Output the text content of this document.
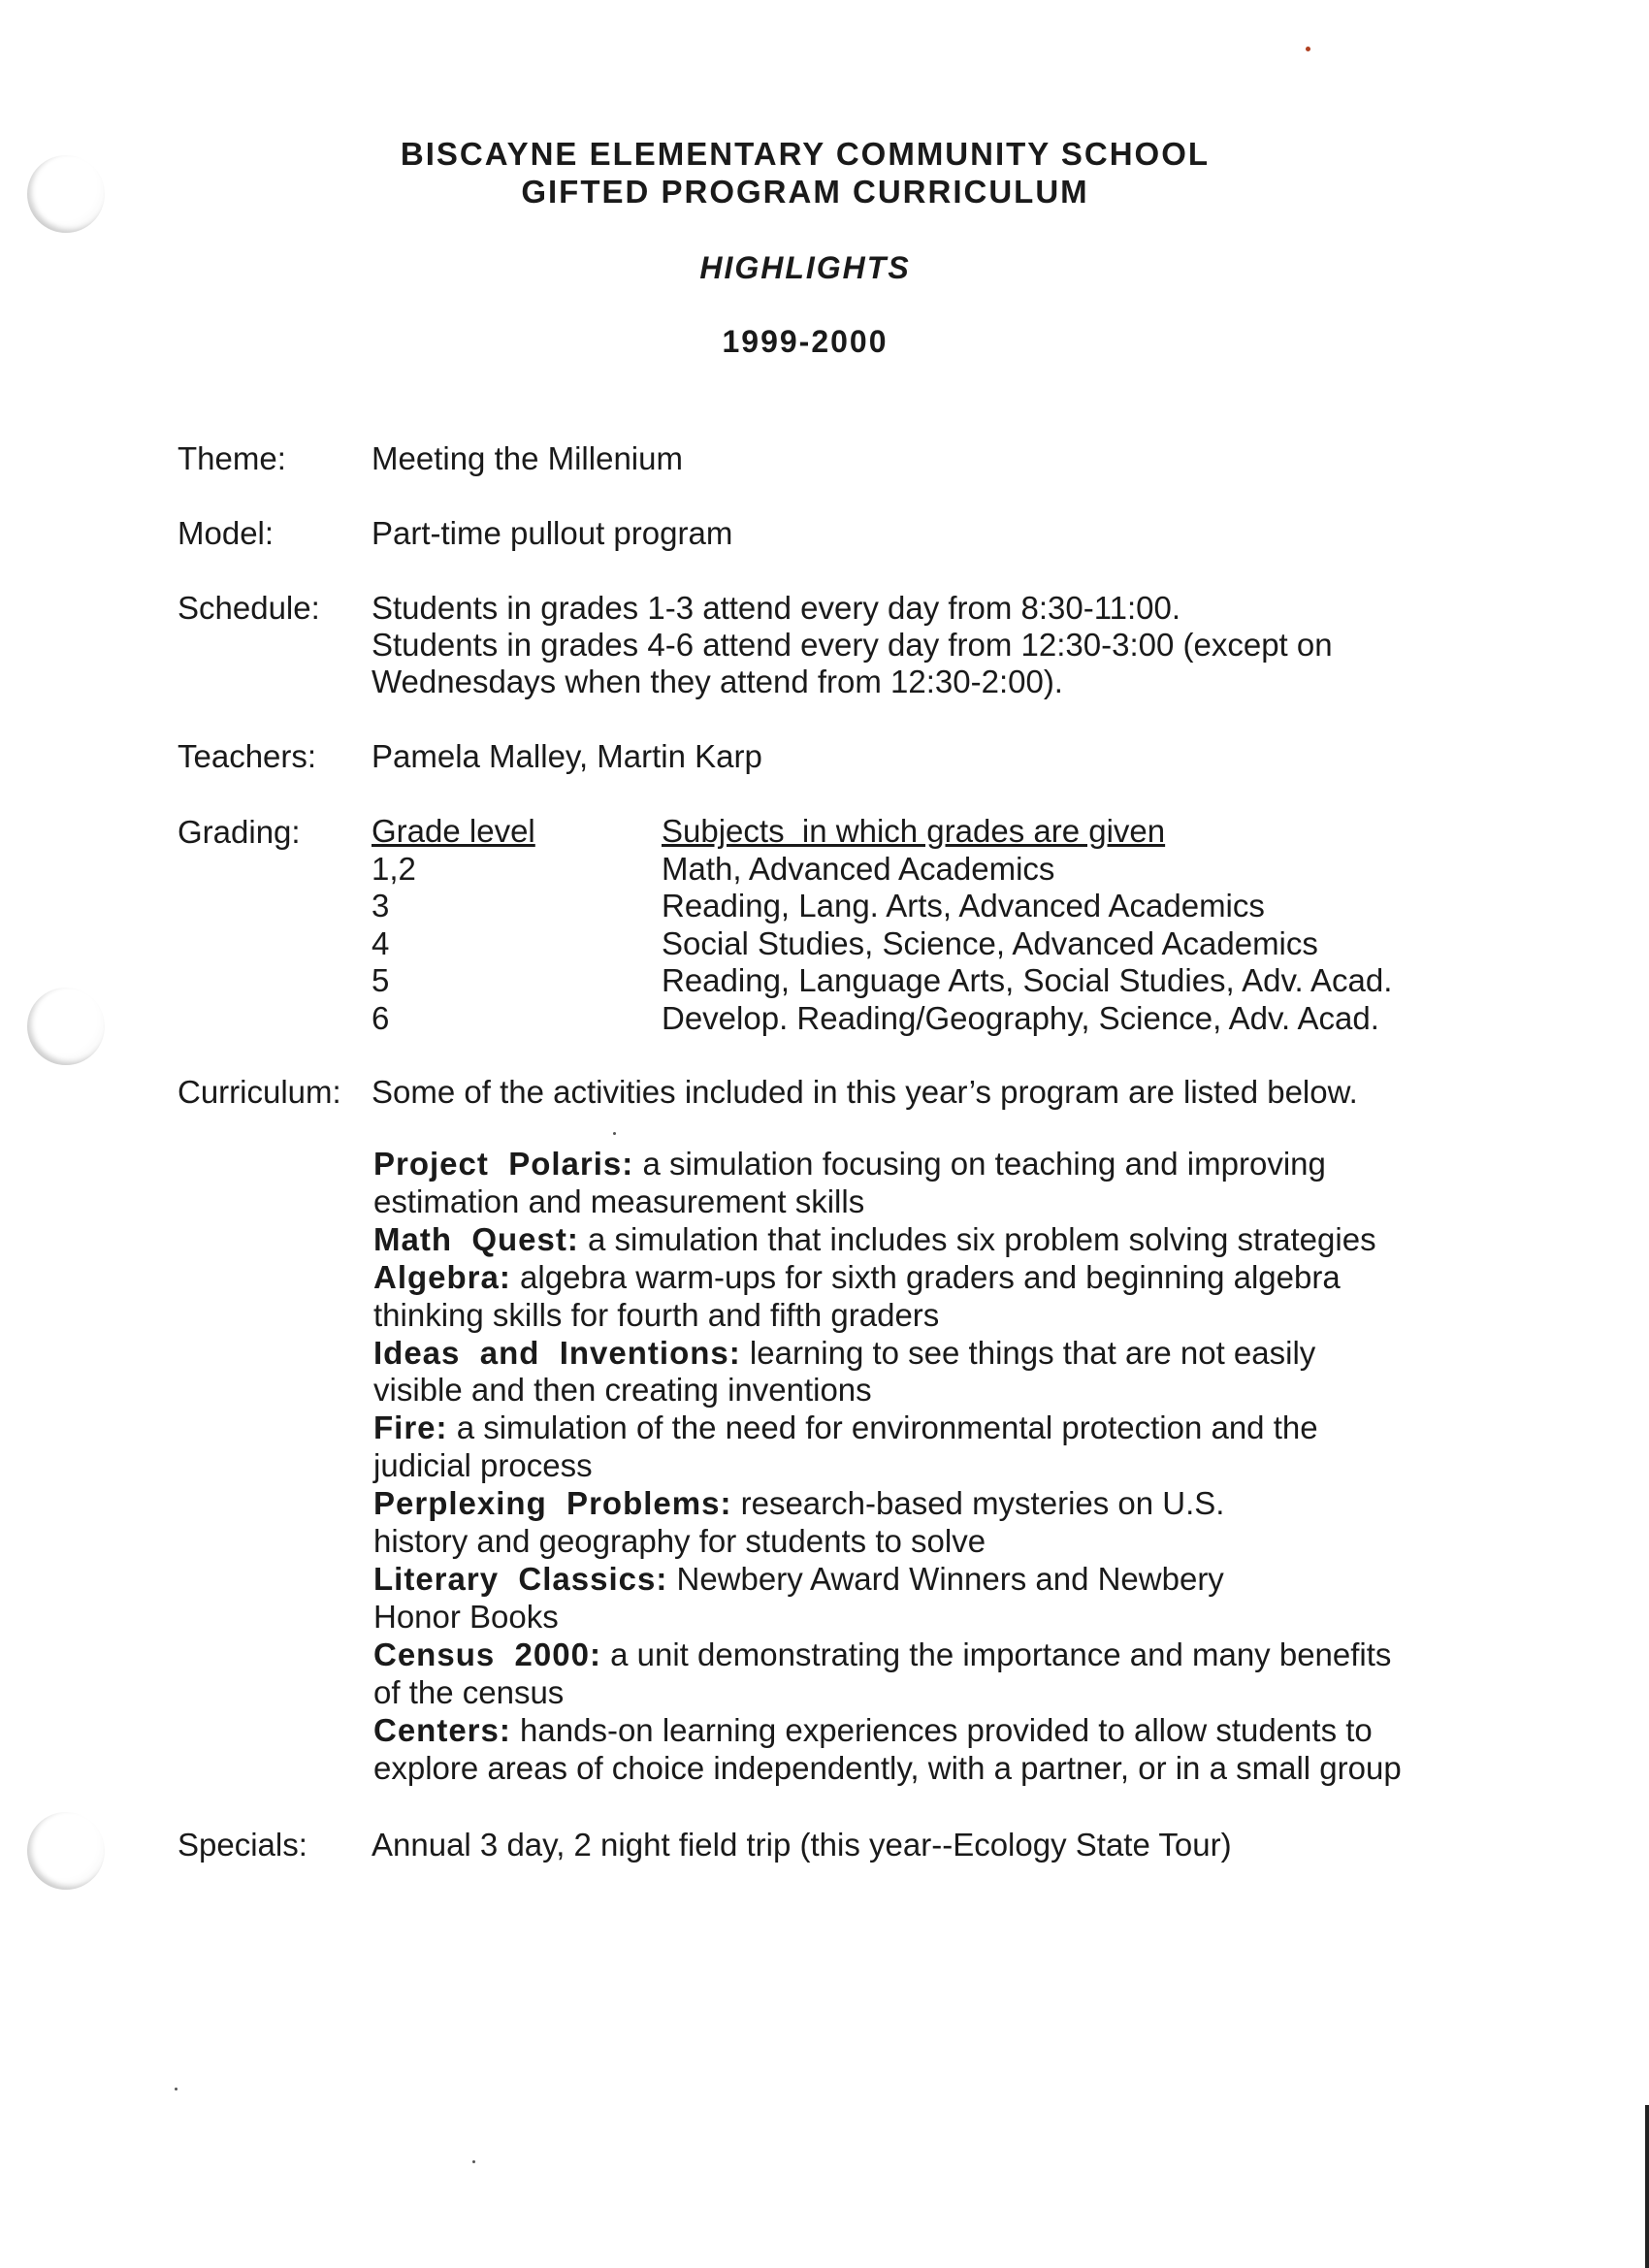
BISCAYNE ELEMENTARY COMMUNITY SCHOOL
GIFTED PROGRAM CURRICULUM
HIGHLIGHTS
1999-2000
Theme:	Meeting the Millenium
Model:	Part-time pullout program
Schedule: Students in grades 1-3 attend every day from 8:30-11:00.
Students in grades 4-6 attend every day from 12:30-3:00 (except on
Wednesdays when they attend from 12:30-2:00).
Teachers: Pamela Malley, Martin Karp
Grading: Grade level
1,2
3
4
5
6
Subjects  in which grades are given
Math, Advanced Academics
Reading, Lang. Arts, Advanced Academics
Social Studies, Science, Advanced Academics
Reading, Language Arts, Social Studies, Adv. Acad.
Develop. Reading/Geography, Science, Adv. Acad.
Curriculum: Some of the activities included in this year’s program are listed below.
Project  Polaris: a simulation focusing on teaching and improving
estimation and measurement skills
Math  Quest: a simulation that includes six problem solving strategies
Algebra: algebra warm-ups for sixth graders and beginning algebra
thinking skills for fourth and fifth graders
Ideas  and  Inventions: learning to see things that are not easily
visible and then creating inventions
Fire: a simulation of the need for environmental protection and the
judicial process
Perplexing  Problems: research-based mysteries on U.S.
history and geography for students to solve
Literary  Classics: Newbery Award Winners and Newbery
Honor Books
Census  2000: a unit demonstrating the importance and many benefits
of the census
Centers: hands-on learning experiences provided to allow students to
explore areas of choice independently, with a partner, or in a small group
Specials: Annual 3 day, 2 night field trip (this year--Ecology State Tour)
